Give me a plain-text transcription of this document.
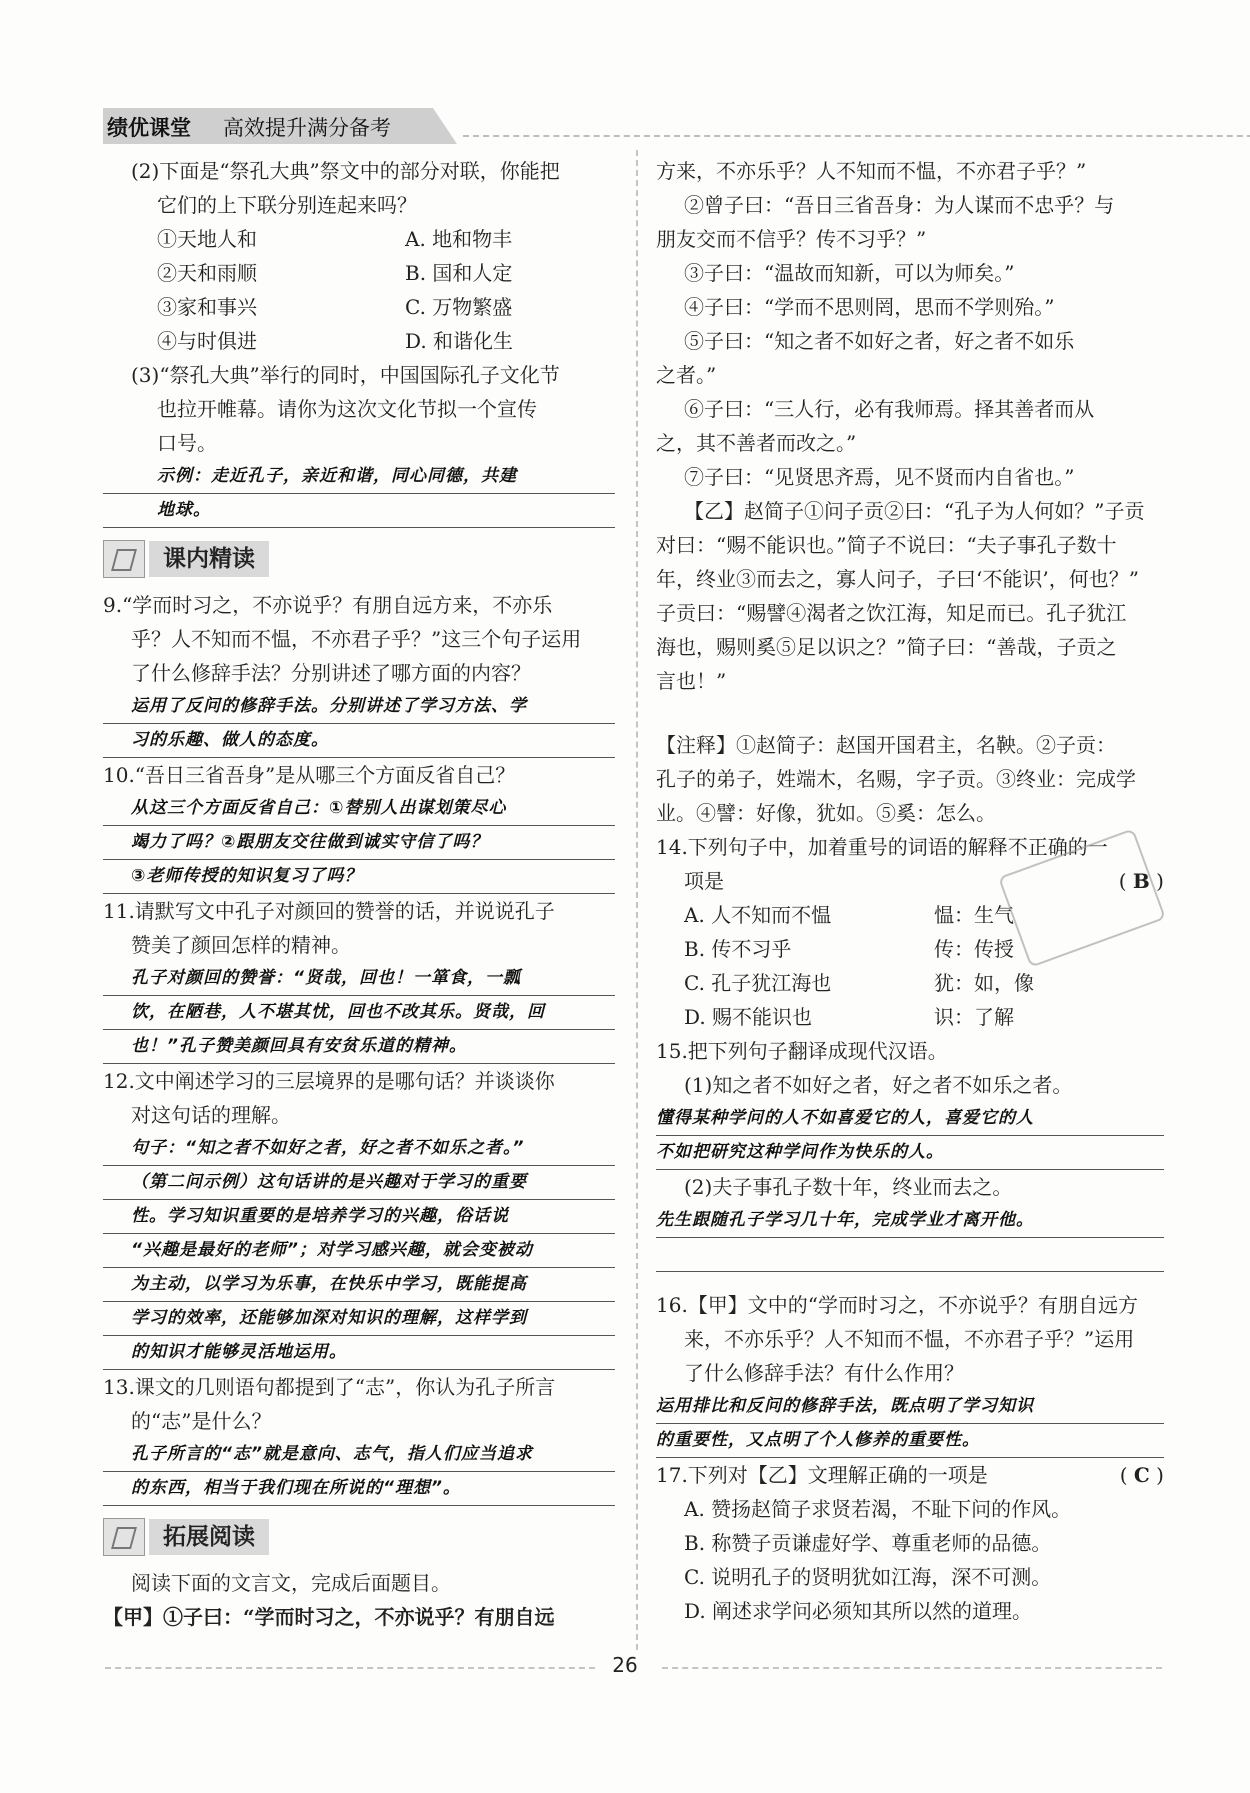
绩优课堂 高效提升满分备考
(2)下面是“祭孔大典”祭文中的部分对联，你能把
它们的上下联分别连起来吗？
①天地人和	A. 地和物丰
②天和雨顺	B. 国和人定
③家和事兴	C. 万物繁盛
④与时俱进	D. 和谐化生
(3)“祭孔大典”举行的同时，中国国际孔子文化节
也拉开帷幕。请你为这次文化节拟一个宣传
口号。
示例：走近孔子，亲近和谐，同心同德，共建
地球。
课内精读
9.“学而时习之，不亦说乎？有朋自远方来，不亦乐
乎？人不知而不愠，不亦君子乎？”这三个句子运用
了什么修辞手法？分别讲述了哪方面的内容？
运用了反问的修辞手法。分别讲述了学习方法、学
习的乐趣、做人的态度。
10.“吾日三省吾身”是从哪三个方面反省自己？
从这三个方面反省自己：①替别人出谋划策尽心
竭力了吗？②跟朋友交往做到诚实守信了吗？
③老师传授的知识复习了吗？
11.请默写文中孔子对颜回的赞誉的话，并说说孔子
赞美了颜回怎样的精神。
孔子对颜回的赞誉：“贤哉，回也！一箪食，一瓢
饮，在陋巷，人不堪其忧，回也不改其乐。贤哉，回
也！”孔子赞美颜回具有安贫乐道的精神。
12.文中阐述学习的三层境界的是哪句话？并谈谈你
对这句话的理解。
句子：“知之者不如好之者，好之者不如乐之者。”
（第二问示例）这句话讲的是兴趣对于学习的重要
性。学习知识重要的是培养学习的兴趣，俗话说
“兴趣是最好的老师”；对学习感兴趣，就会变被动
为主动，以学习为乐事，在快乐中学习，既能提高
学习的效率，还能够加深对知识的理解，这样学到
的知识才能够灵活地运用。
13.课文的几则语句都提到了“志”，你认为孔子所言
的“志”是什么？
孔子所言的“志”就是意向、志气，指人们应当追求
的东西，相当于我们现在所说的“理想”。
拓展阅读
阅读下面的文言文，完成后面题目。
【甲】①子曰：“学而时习之，不亦说乎？有朋自远
方来，不亦乐乎？人不知而不愠，不亦君子乎？”
②曾子曰：“吾日三省吾身：为人谋而不忠乎？与
朋友交而不信乎？传不习乎？”
③子曰：“温故而知新，可以为师矣。”
④子曰：“学而不思则罔，思而不学则殆。”
⑤子曰：“知之者不如好之者，好之者不如乐
之者。”
⑥子曰：“三人行，必有我师焉。择其善者而从
之，其不善者而改之。”
⑦子曰：“见贤思齐焉，见不贤而内自省也。”
【乙】赵简子①问子贡②曰：“孔子为人何如？”子贡
对曰：“赐不能识也。”简子不说曰：“夫子事孔子数十
年，终业③而去之，寡人问子，子曰‘不能识’，何也？”
子贡曰：“赐譬④渴者之饮江海，知足而已。孔子犹江
海也，赐则奚⑤足以识之？”简子曰：“善哉，子贡之
言也！”
【注释】①赵简子：赵国开国君主，名鞅。②子贡：
孔子的弟子，姓端木，名赐，字子贡。③终业：完成学
业。④譬：好像，犹如。⑤奚：怎么。
14.下列句子中，加着重号的词语的解释不正确的一
项是	( B )
A. 人不知而不愠	愠：生气
B. 传不习乎	传：传授
C. 孔子犹江海也	犹：如，像
D. 赐不能识也	识：了解
15.把下列句子翻译成现代汉语。
(1)知之者不如好之者，好之者不如乐之者。
懂得某种学问的人不如喜爱它的人，喜爱它的人
不如把研究这种学问作为快乐的人。
(2)夫子事孔子数十年，终业而去之。
先生跟随孔子学习几十年，完成学业才离开他。
16.【甲】文中的“学而时习之，不亦说乎？有朋自远方
来，不亦乐乎？人不知而不愠，不亦君子乎？”运用
了什么修辞手法？有什么作用？
运用排比和反问的修辞手法，既点明了学习知识
的重要性，又点明了个人修养的重要性。
17.下列对【乙】文理解正确的一项是	( C )
A. 赞扬赵简子求贤若渴，不耻下问的作风。
B. 称赞子贡谦虚好学、尊重老师的品德。
C. 说明孔子的贤明犹如江海，深不可测。
D. 阐述求学问必须知其所以然的道理。
26
